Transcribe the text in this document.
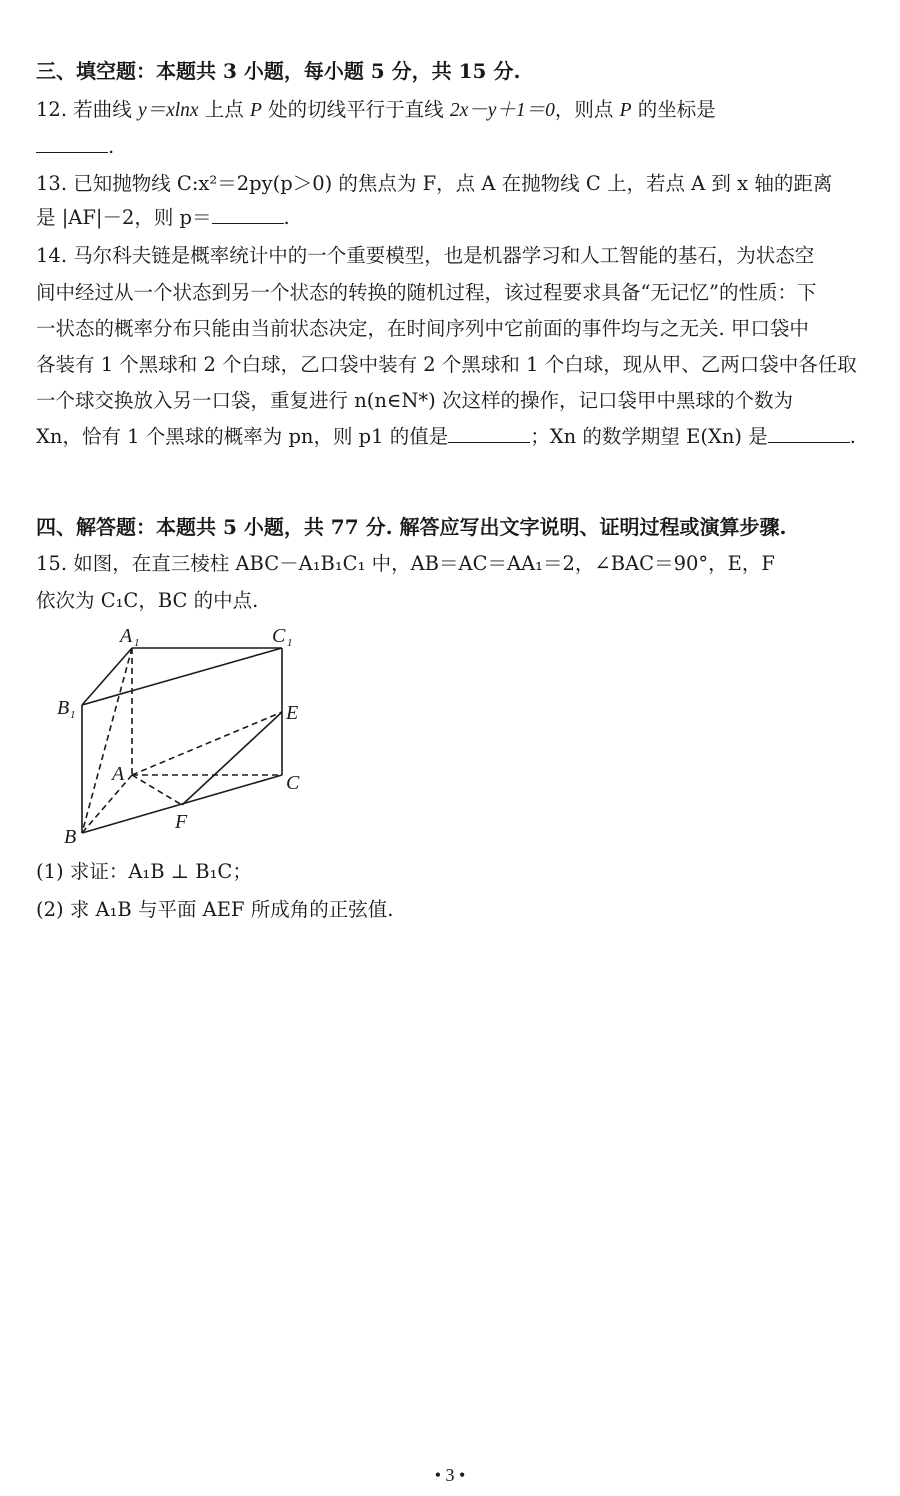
三、填空题：本题共 3 小题，每小题 5 分，共 15 分.
12. 若曲线 y＝xlnx 上点 P 处的切线平行于直线 2x－y＋1＝0，则点 P 的坐标是
.
13. 已知抛物线 C:x²＝2py(p＞0) 的焦点为 F，点 A 在抛物线 C 上，若点 A 到 x 轴的距离
是 |AF|－2，则 p＝	.
14. 马尔科夫链是概率统计中的一个重要模型，也是机器学习和人工智能的基石，为状态空
间中经过从一个状态到另一个状态的转换的随机过程，该过程要求具备“无记忆”的性质：下
一状态的概率分布只能由当前状态决定，在时间序列中它前面的事件均与之无关. 甲口袋中
各装有 1 个黑球和 2 个白球，乙口袋中装有 2 个黑球和 1 个白球，现从甲、乙两口袋中各任取
一个球交换放入另一口袋，重复进行 n(n∈N*) 次这样的操作，记口袋甲中黑球的个数为
Xn，恰有 1 个黑球的概率为 pn，则 p1 的值是	；Xn 的数学期望 E(Xn) 是	.
四、解答题：本题共 5 小题，共 77 分. 解答应写出文字说明、证明过程或演算步骤.
15. 如图，在直三棱柱 ABC－A₁B₁C₁ 中，AB＝AC＝AA₁＝2，∠BAC＝90°，E，F
依次为 C₁C，BC 的中点.
A 1	C 1
B 1	E
A	C
F
B
(1) 求证：A₁B ⊥ B₁C；
(2) 求 A₁B 与平面 AEF 所成角的正弦值.
• 3 •
